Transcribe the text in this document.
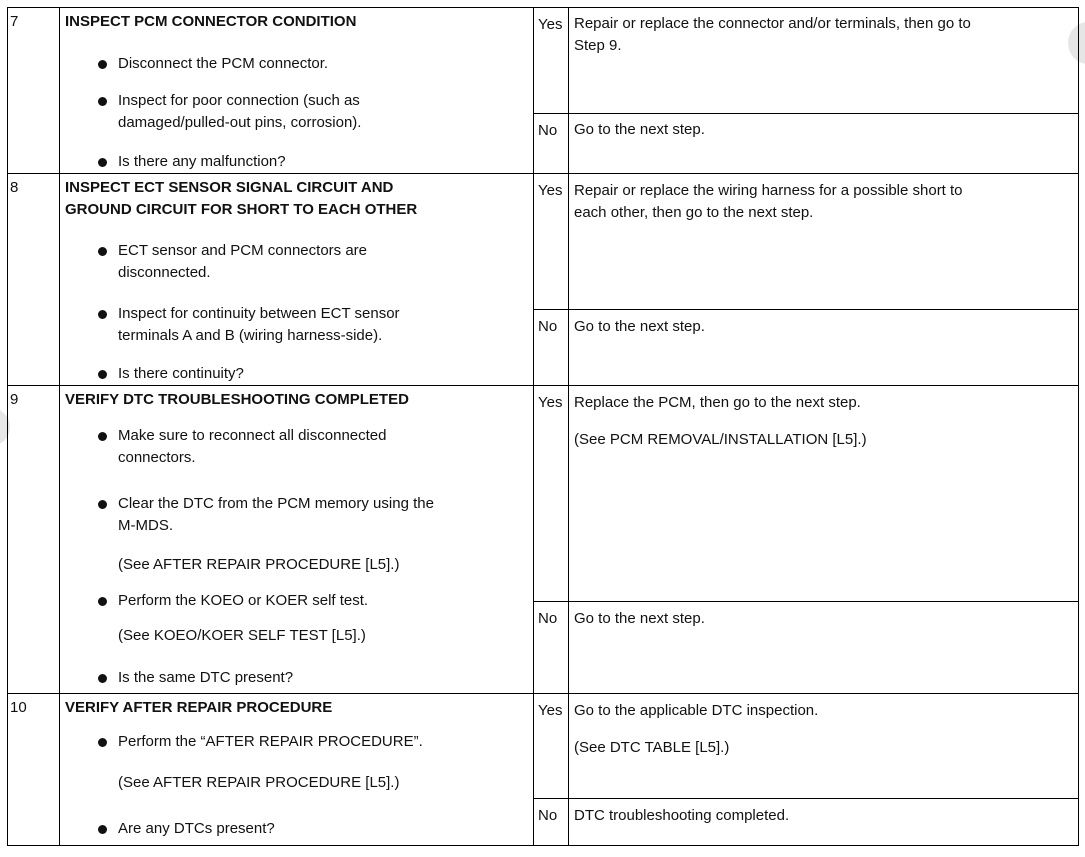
7	INSPECT PCM CONNECTOR CONDITION
Disconnect the PCM connector.
Inspect for poor connection (such as
damaged/pulled-out pins, corrosion).
Is there any malfunction?
Yes Repair or replace the connector and/or terminals, then go to
Step 9.
No Go to the next step.
8	INSPECT ECT SENSOR SIGNAL CIRCUIT AND
GROUND CIRCUIT FOR SHORT TO EACH OTHER
ECT sensor and PCM connectors are
disconnected.
Inspect for continuity between ECT sensor
terminals A and B (wiring harness-side).
Is there continuity?
Yes Repair or replace the wiring harness for a possible short to
each other, then go to the next step.
No Go to the next step.
9	VERIFY DTC TROUBLESHOOTING COMPLETED
Make sure to reconnect all disconnected
connectors.
Clear the DTC from the PCM memory using the
M-MDS.
(See AFTER REPAIR PROCEDURE [L5].)
Perform the KOEO or KOER self test.
(See KOEO/KOER SELF TEST [L5].)
Is the same DTC present?
Yes Replace the PCM, then go to the next step.
(See PCM REMOVAL/INSTALLATION [L5].)
No Go to the next step.
10	VERIFY AFTER REPAIR PROCEDURE
Perform the “AFTER REPAIR PROCEDURE”.
(See AFTER REPAIR PROCEDURE [L5].)
Are any DTCs present?
Yes Go to the applicable DTC inspection.
(See DTC TABLE [L5].)
No DTC troubleshooting completed.
